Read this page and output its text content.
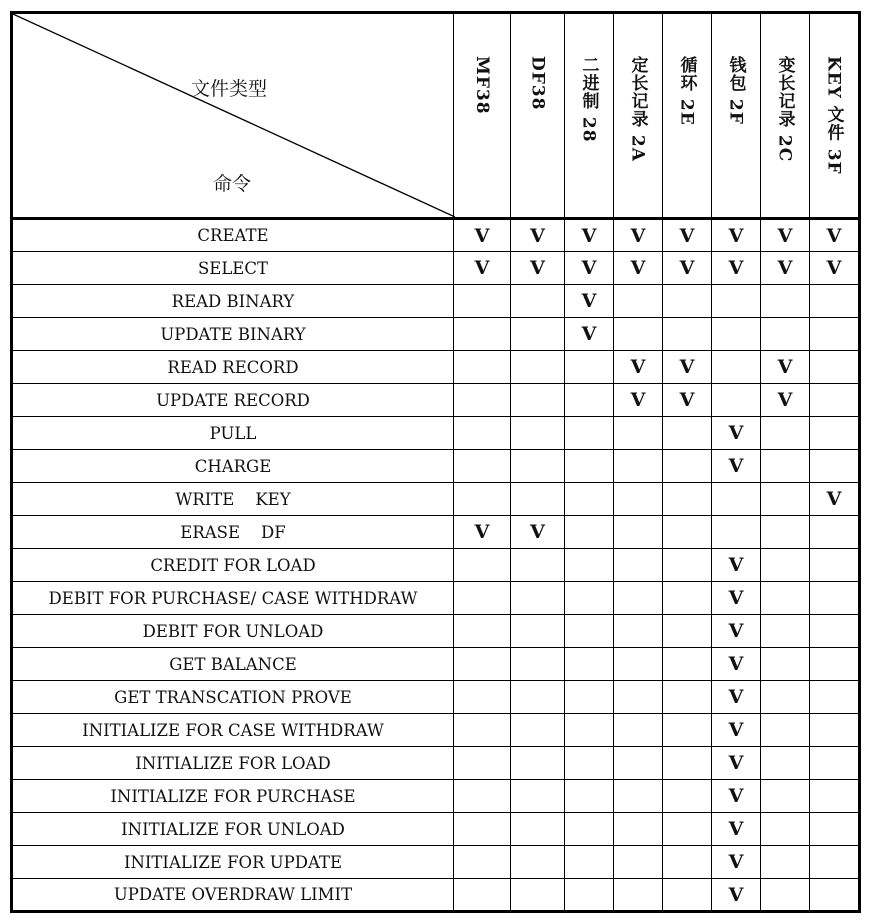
文件类型
命令	MF38	DF38	二进制 28	定长记录 2A	循环 2E	钱包 2F	变长记录 2C	KEY 文件 3F

CREATE	V	V	V	V	V	V	V	V
SELECT	V	V	V	V	V	V	V	V
READ BINARY			V					
UPDATE BINARY			V					
READ RECORD				V	V		V	
UPDATE RECORD				V	V		V	
PULL						V		
CHARGE						V		
WRITE    KEY								V
ERASE    DF	V	V						
CREDIT FOR LOAD						V		
DEBIT FOR PURCHASE/ CASE WITHDRAW						V		
DEBIT FOR UNLOAD						V		
GET BALANCE						V		
GET TRANSCATION PROVE						V		
INITIALIZE FOR CASE WITHDRAW						V		
INITIALIZE FOR LOAD						V		
INITIALIZE FOR PURCHASE						V		
INITIALIZE FOR UNLOAD						V		
INITIALIZE FOR UPDATE						V		
UPDATE OVERDRAW LIMIT						V		
